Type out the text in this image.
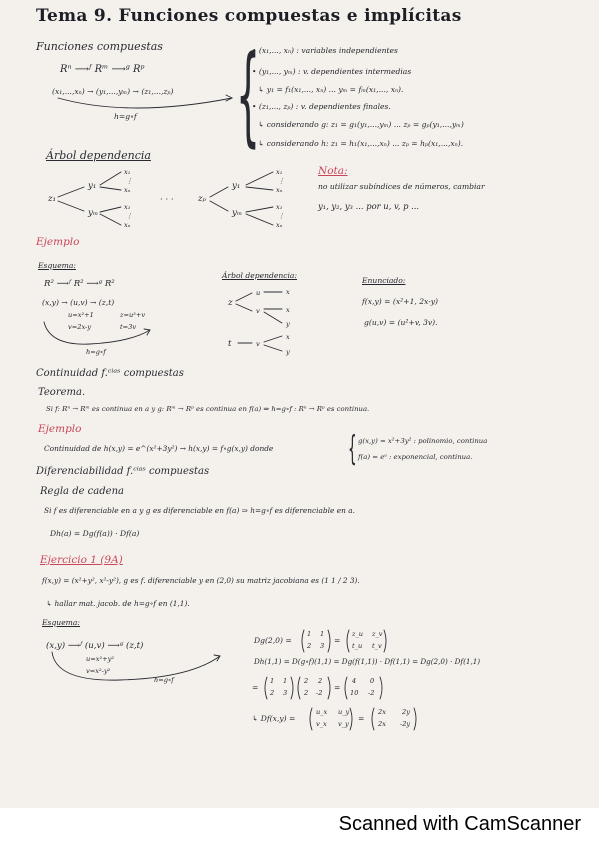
Tema 9. Funciones compuestas e implícitas
Funciones compuestas
Rⁿ ⟶ᶠ Rᵐ ⟶ᵍ Rᵖ
(x₁,...,xₙ) → (y₁,...,yₘ) → (z₁,...,zₚ)
h=g∘f {
• (x₁,..., xₙ) : variables independientes
• (y₁,..., yₘ) : v. dependientes intermedias
↳ y₁ = f₁(x₁,..., xₙ) ... yₘ = fₘ(x₁,..., xₙ).
• (z₁,..., zₚ) : v. dependientes finales.
↳ considerando g: z₁ = g₁(y₁,...,yₘ) ... zₚ = gₚ(y₁,...,yₘ)
↳ considerando h: z₁ = h₁(x₁,...,xₙ) ... zₚ = hₚ(x₁,...,xₙ).
Árbol dependencia
z₁
y₁
yₘ
x₁
⋮
xₙ
x₁
⋮
xₙ
· · ·	zₚ
y₁
yₘ
x₁
⋮
xₙ
x₁
⋮
xₙ
Nota:
no utilizar subíndices de números, cambiar
y₁, y₂, y₃ ... por u, v, p ...
Ejemplo
Esquema:
R² ⟶ᶠ R² ⟶ᵍ R²
(x,y) → (u,v) → (z,t)
u=x²+1
v=2x-y
z=u²+v
t=3v
h=g∘f
Árbol dependencia:
z
u
v
x
x
y
t	v
x
y
Enunciado:
f(x,y) = (x²+1, 2x-y)
g(u,v) = (u²+v, 3v).
Continuidad f.ᶜⁱᵃˢ compuestas
Teorema.
Si f: Rⁿ → Rᵐ es continua en a y g: Rᵐ → Rᵖ es continua en f(a) ⇒ h=g∘f : Rⁿ → Rᵖ es continua.
Ejemplo
Continuidad de h(x,y) = e^(x²+3y²) → h(x,y) = f∘g(x,y) donde { g(x,y) = x²+3y² : polinomio, continua
f(a) = eᵃ : exponencial, continua.
Diferenciabilidad f.ᶜⁱᵃˢ compuestas
Regla de cadena
Si f es diferenciable en a y g es diferenciable en f(a) ⇒ h=g∘f es diferenciable en a.
Dh(a) = Dg(f(a)) · Df(a)
Ejercicio 1 (9A)
f(x,y) = (x²+y², x²-y²), g es f. diferenciable y en (2,0) su matriz jacobiana es (1 1 / 2 3).
↳ hallar mat. jacob. de h=g∘f en (1,1).
Esquema:
(x,y) ⟶ᶠ (u,v) ⟶ᵍ (z,t)
u=x²+y²
v=x²-y²
h=g∘f
Dg(2,0) =
1 1
2 3
=
z_u z_v
t_u t_v
Dh(1,1) = D(g∘f)(1,1) = Dg(f(1,1)) · Df(1,1) = Dg(2,0) · Df(1,1)
=
1 1
2 3
2 2
2 -2
=
4 0
10 -2
↳ Df(x,y) =
u_x u_y
v_x v_y
=
2x 2y
2x -2y
Scanned with CamScanner
